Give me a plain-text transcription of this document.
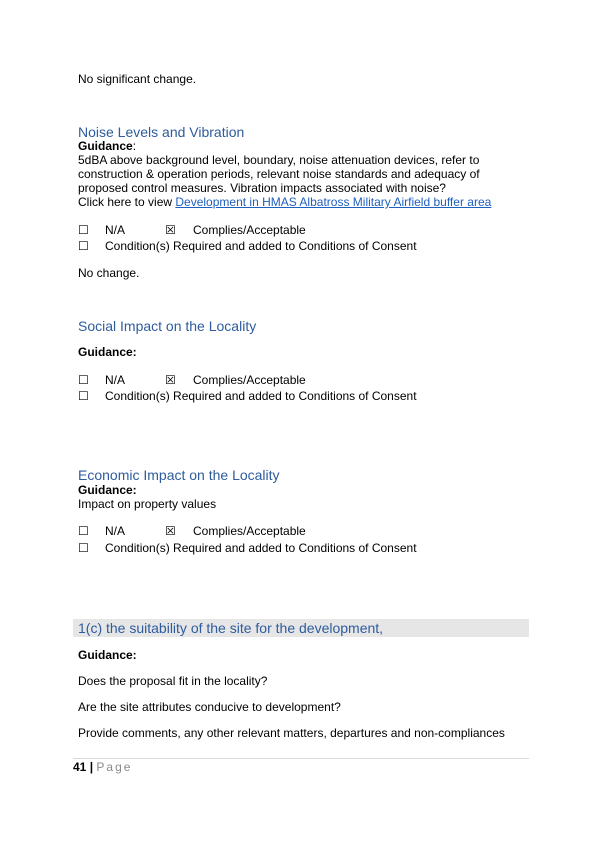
No significant change.
Noise Levels and Vibration
Guidance:
5dBA above background level, boundary, noise attenuation devices, refer to
construction & operation periods, relevant noise standards and adequacy of
proposed control measures. Vibration impacts associated with noise?
Click here to view Development in HMAS Albatross Military Airfield buffer area
☐ N/A	☒ Complies/Acceptable
☐ Condition(s) Required and added to Conditions of Consent
No change.
Social Impact on the Locality
Guidance:
☐ N/A	☒ Complies/Acceptable
☐ Condition(s) Required and added to Conditions of Consent
Economic Impact on the Locality
Guidance:
Impact on property values
☐ N/A	☒ Complies/Acceptable
☐ Condition(s) Required and added to Conditions of Consent
1(c) the suitability of the site for the development,
Guidance:
Does the proposal fit in the locality?
Are the site attributes conducive to development?
Provide comments, any other relevant matters, departures and non-compliances
41 | Page
